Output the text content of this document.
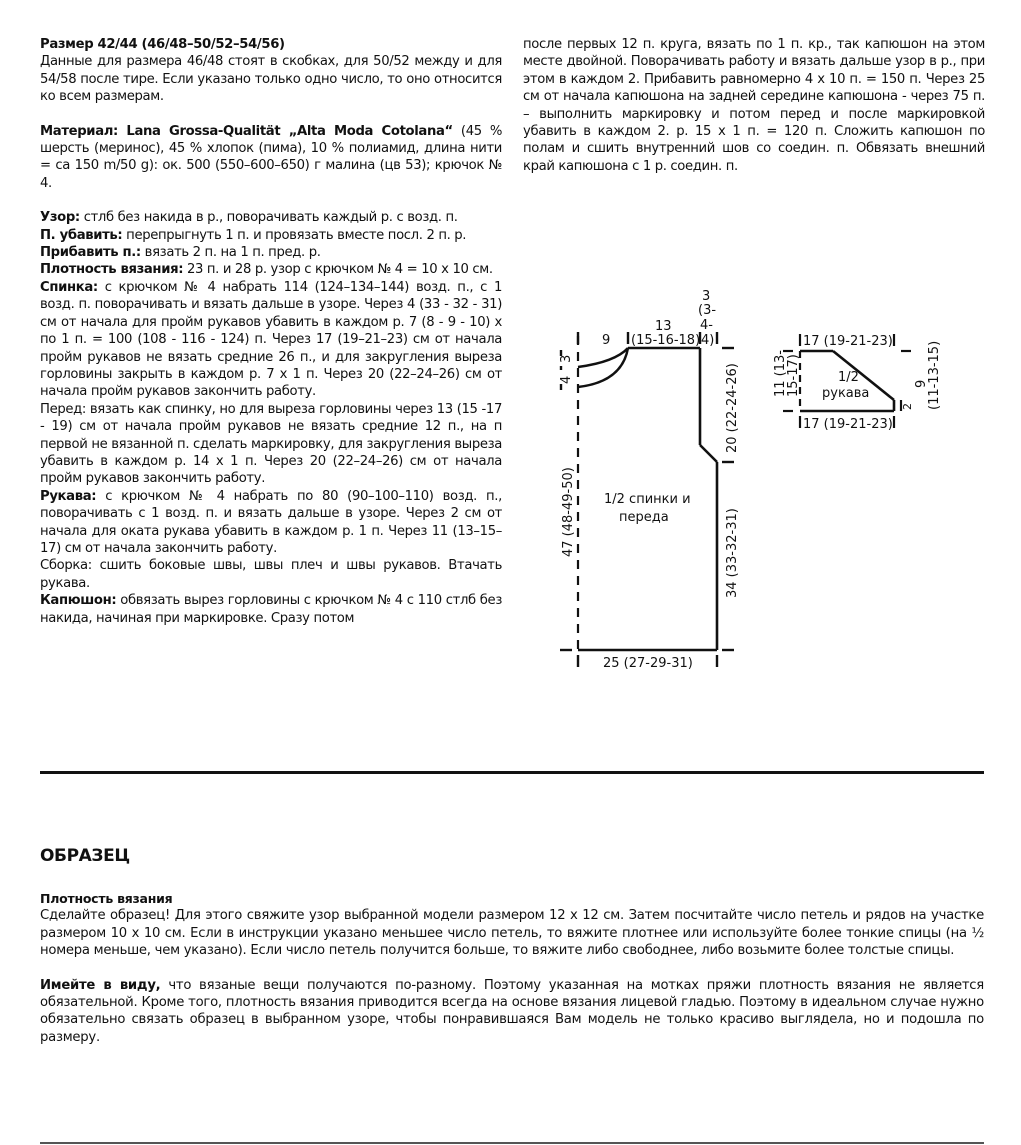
Размер 42/44 (46/48–50/52–54/56)
Данные для размера 46/48 стоят в скобках, для 50/52 между и для 54/58 после тире. Если указано только одно число, то оно относится ко всем размерам.

Материал: Lana Grossa-Qualität „Alta Moda Cotolana“ (45 % шерсть (меринос), 45 % хлопок (пима), 10 % полиамид, длина нити = ca 150 m/50 g): ок. 500 (550–600–650) г малина (цв 53); крючок № 4.

Узор: стлб без накида в р., поворачивать каждый р. с возд. п.

П. убавить: перепрыгнуть 1 п. и провязать вместе посл. 2 п. р.

Прибавить п.: вязать 2 п. на 1 п. пред. р.

Плотность вязания: 23 п. и 28 р. узор с крючком № 4 = 10 х 10 см.

Спинка: с крючком № 4 набрать 114 (124–134–144) возд. п., с 1 возд. п. поворачивать и вязать дальше в узоре. Через 4 (33 - 32 - 31) см от начала для пройм рукавов убавить в каждом р. 7 (8 - 9 - 10) х по 1 п. = 100 (108 - 116 - 124) п. Через 17 (19–21–23) см от начала пройм рукавов не вязать средние 26 п., и для закругления выреза горловины закрыть в каждом р. 7 х 1 п. Через 20 (22–24–26) см от начала пройм рукавов закончить работу.

Перед: вязать как спинку, но для выреза горловины через 13 (15 -17 - 19) см от начала пройм рукавов не вязать средние 12 п., на п первой не вязанной п. сделать маркировку, для закругления выреза убавить в каждом р. 14 х 1 п. Через 20 (22–24–26) см от начала пройм рукавов закончить работу.

Рукава: с крючком № 4 набрать по 80 (90–100–110) возд. п., поворачивать с 1 возд. п. и вязать дальше в узоре. Через 2 см от начала для оката рукава убавить в каждом р. 1 п. Через 11 (13–15–17) см от начала закончить работу.

Сборка: сшить боковые швы, швы плеч и швы рукавов. Втачать рукава.

Капюшон: обвязать вырез горловины с крючком № 4 с 110 стлб без накида, начиная при маркировке. Сразу потом

после первых 12 п. круга, вязать по 1 п. кр., так капюшон на этом месте двойной. Поворачивать работу и вязать дальше узор в р., при этом в каждом 2. Прибавить равномерно 4 х 10 п. = 150 п. Через 25 см от начала капюшона на задней середине капюшона - через 75 п. – выполнить маркировку и потом перед и после маркировкой убавить в каждом 2. р. 15 х 1 п. = 120 п. Сложить капюшон по полам и сшить внутренний шов со соедин. п. Обвязать внешний край капюшона с 1 р. соедин. п.

9
13
(15-16-18)
3
(3-
4-
4)
3
4	20 (22-24-26)
34 (33-32-31)
47 (48-49-50)
25 (27-29-31)
1/2 спинки и
переда
17 (19-21-23)
17 (19-21-23)
11 (13-
15-17)	9
(11-13-15)
2
1/2
рукава
ОБРАЗЕЦ

Плотность вязания

Сделайте образец! Для этого свяжите узор выбранной модели размером 12 х 12 см. Затем посчитайте число петель и рядов на участке размером 10 х 10 см. Если в инструкции указано меньшее число петель, то вяжите плотнее или используйте более тонкие спицы (на ½ номера меньше, чем указано). Если число петель получится больше, то вяжите либо свободнее, либо возьмите более толстые спицы.

Имейте в виду, что вязаные вещи получаются по-разному. Поэтому указанная на мотках пряжи плотность вязания не является обязательной. Кроме того, плотность вязания приводится всегда на основе вязания лицевой гладью. Поэтому в идеальном случае нужно обязательно связать образец в выбранном узоре, чтобы понравившаяся Вам модель не только красиво выглядела, но и подошла по размеру.
